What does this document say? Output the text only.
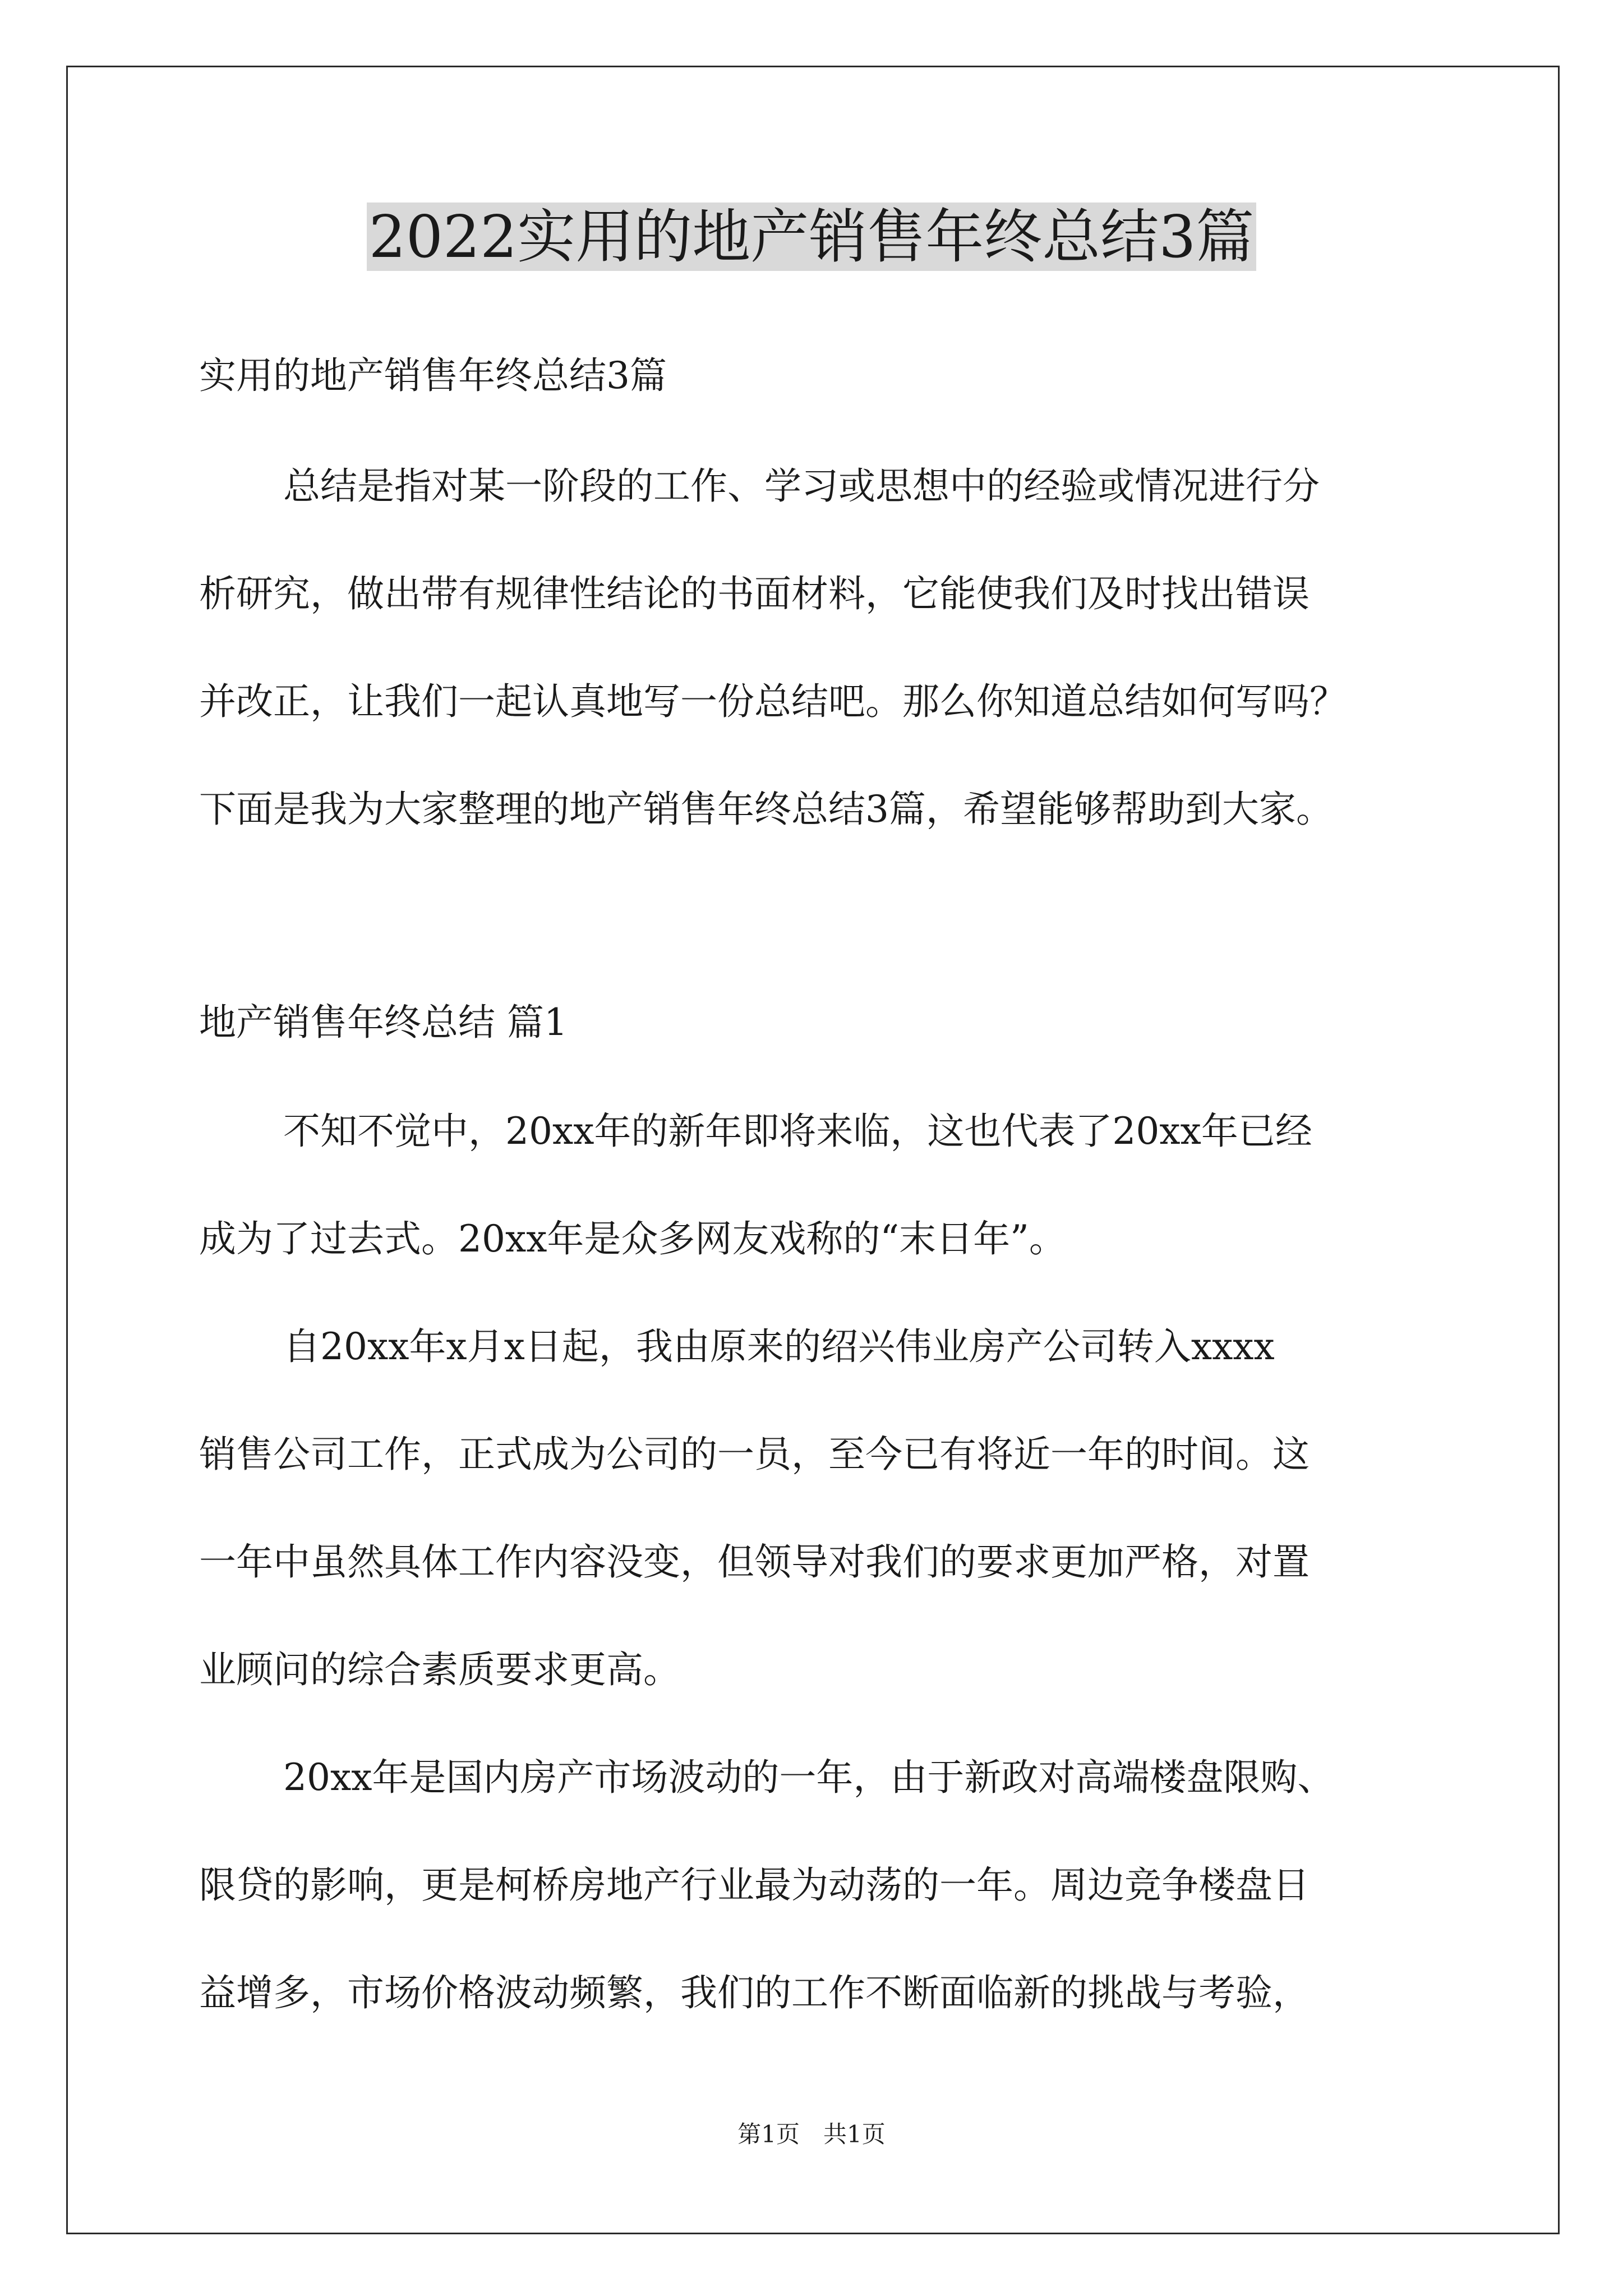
2022实用的地产销售年终总结3篇

实用的地产销售年终总结3篇

总结是指对某一阶段的工作、学习或思想中的经验或情况进行分

析研究，做出带有规律性结论的书面材料，它能使我们及时找出错误

并改正，让我们一起认真地写一份总结吧。那么你知道总结如何写吗？

下面是我为大家整理的地产销售年终总结3篇，希望能够帮助到大家。

地产销售年终总结 篇1

不知不觉中，20xx年的新年即将来临，这也代表了20xx年已经

成为了过去式。20xx年是众多网友戏称的“末日年”。

自20xx年x月x日起，我由原来的绍兴伟业房产公司转入xxxx

销售公司工作，正式成为公司的一员，至今已有将近一年的时间。这

一年中虽然具体工作内容没变，但领导对我们的要求更加严格，对置

业顾问的综合素质要求更高。

20xx年是国内房产市场波动的一年，由于新政对高端楼盘限购、

限贷的影响，更是柯桥房地产行业最为动荡的一年。周边竞争楼盘日

益增多，市场价格波动频繁，我们的工作不断面临新的挑战与考验，

第1页　共1页
